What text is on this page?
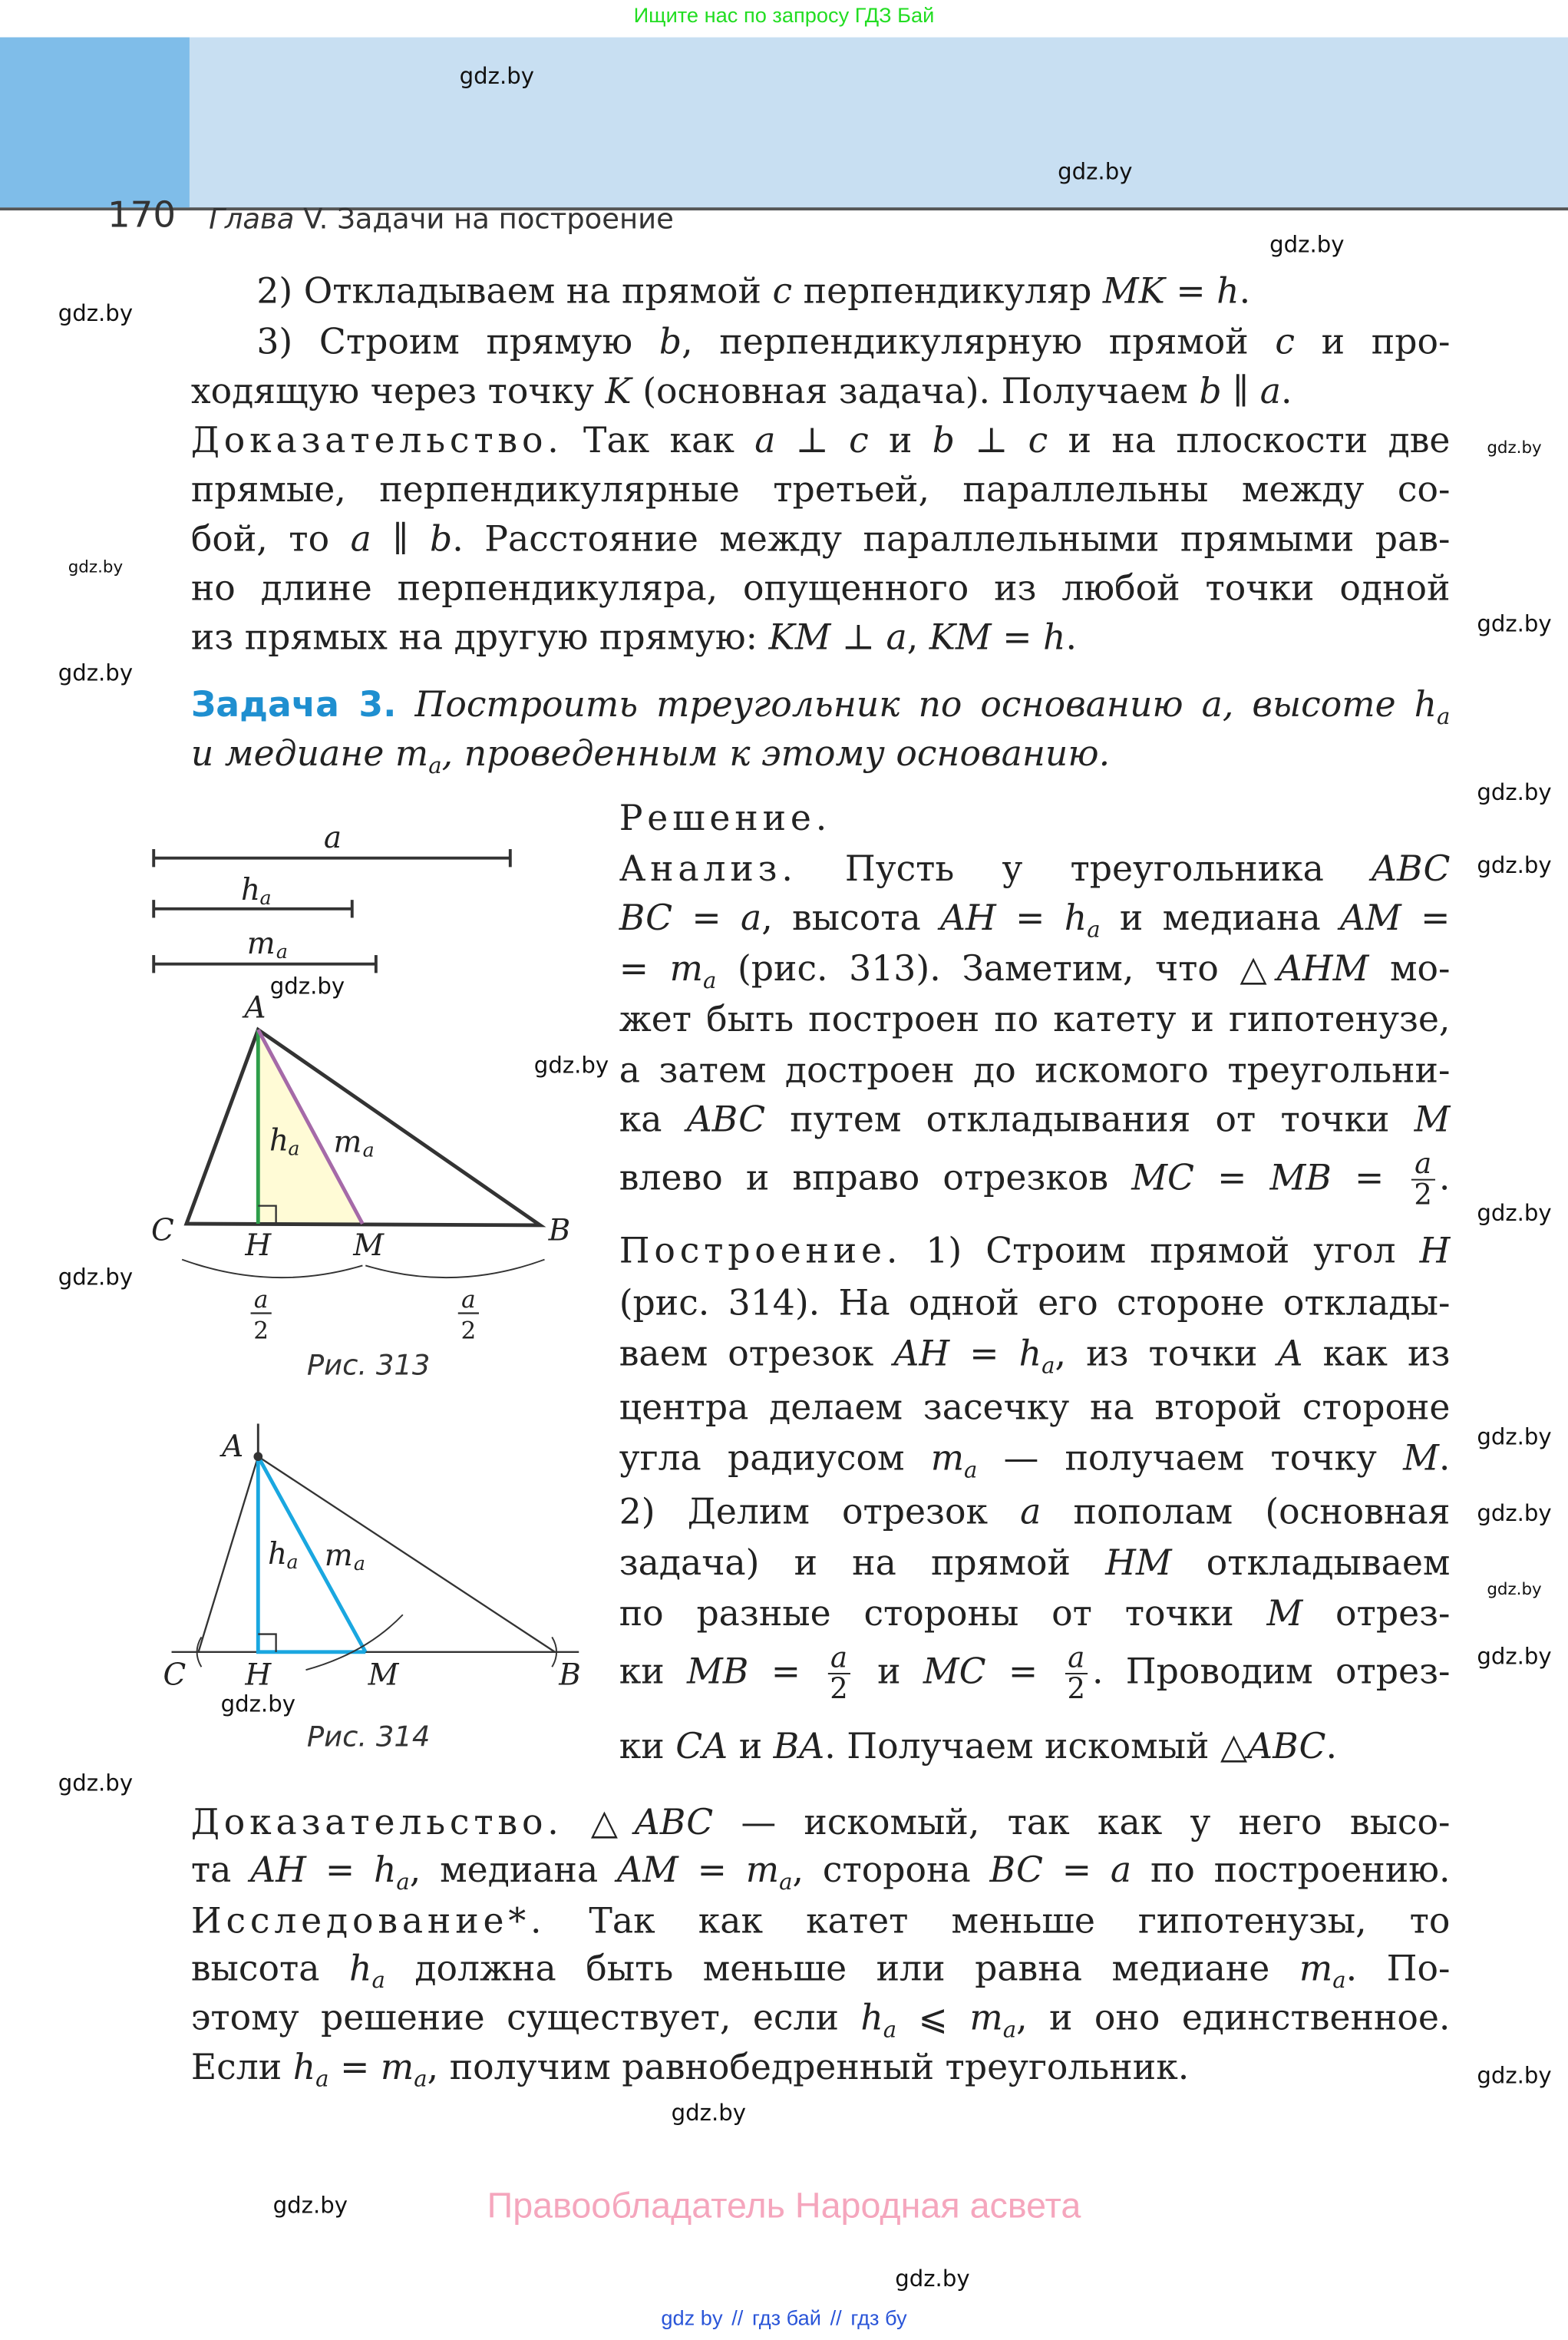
Ищите нас по запросу ГДЗ Бай
170 Глава V. Задачи на построение
2) Откладываем на прямой c перпендикуляр MK = h.
3) Строим прямую b, перпендикулярную прямой c и про-
ходящую через точку K (основная задача). Получаем b ∥ a.
Доказательство. Так как a ⊥ c и b ⊥ c и на плоскости две
прямые, перпендикулярные третьей, параллельны между со-
бой, то a ∥ b. Расстояние между параллельными прямыми рав-
но длине перпендикуляра, опущенного из любой точки одной
из прямых на другую прямую: KM ⊥ a, KM = h.
Задача 3. Построить треугольник по основанию a, высоте $h_a$
и медиане $m_a$, проведенным к этому основанию.
Решение.
Анализ. Пусть у треугольника ABC
BC = a, высота AH = $h_a$ и медиана AM =
= $m_a$ (рис. 313). Заметим, что △AHM мо-
жет быть построен по катету и гипотенузе,
а затем достроен до искомого треугольни-
ка ABC путем откладывания от точки M
влево и вправо отрезков MC = MB = $\frac{a}{2}$ .
Построение. 1) Строим прямой угол H
(рис. 314). На одной его стороне отклады-
ваем отрезок AH = $h_a$, из точки A как из
центра делаем засечку на второй стороне
угла радиусом $m_a$ — получаем точку M.
2) Делим отрезок a пополам (основная
задача) и на прямой HM откладываем
по разные стороны от точки M отрез-
ки MB = $\frac{a}{2}$ и MC = $\frac{a}{2}$ . Проводим отрез-
ки CA и BA. Получаем искомый △ABC.
Доказательство. △ABC — искомый, так как у него высо-
та AH = $h_a$, медиана AM = $m_a$, сторона BC = a по построению.
Исследование*. Так как катет меньше гипотенузы, то
высота $h_a$ должна быть меньше или равна медиане $m_a$. По-
этому решение существует, если $h_a$ ⩽ $m_a$, и оно единственное.
Если $h_a = m_a$, получим равнобедренный треугольник.
a
h a
m a
A
C	H	M	B
h a m a
a
2
a
2
Рис. 313
A
C	H	M	B
h a m a
Рис. 314
gdz.by
gdz.by
gdz.by
gdz.by
gdz.by
gdz.by
gdz.by
gdz.by
gdz.by
gdz.by
gdz.by
gdz.by
gdz.by
gdz.by
gdz.by
gdz.by
gdz.by
gdz.by
gdz.by
gdz.by
gdz.by
gdz.by
gdz.by
gdz.by
Правообладатель Народная асвета
gdz by // гдз бай // гдз бу
